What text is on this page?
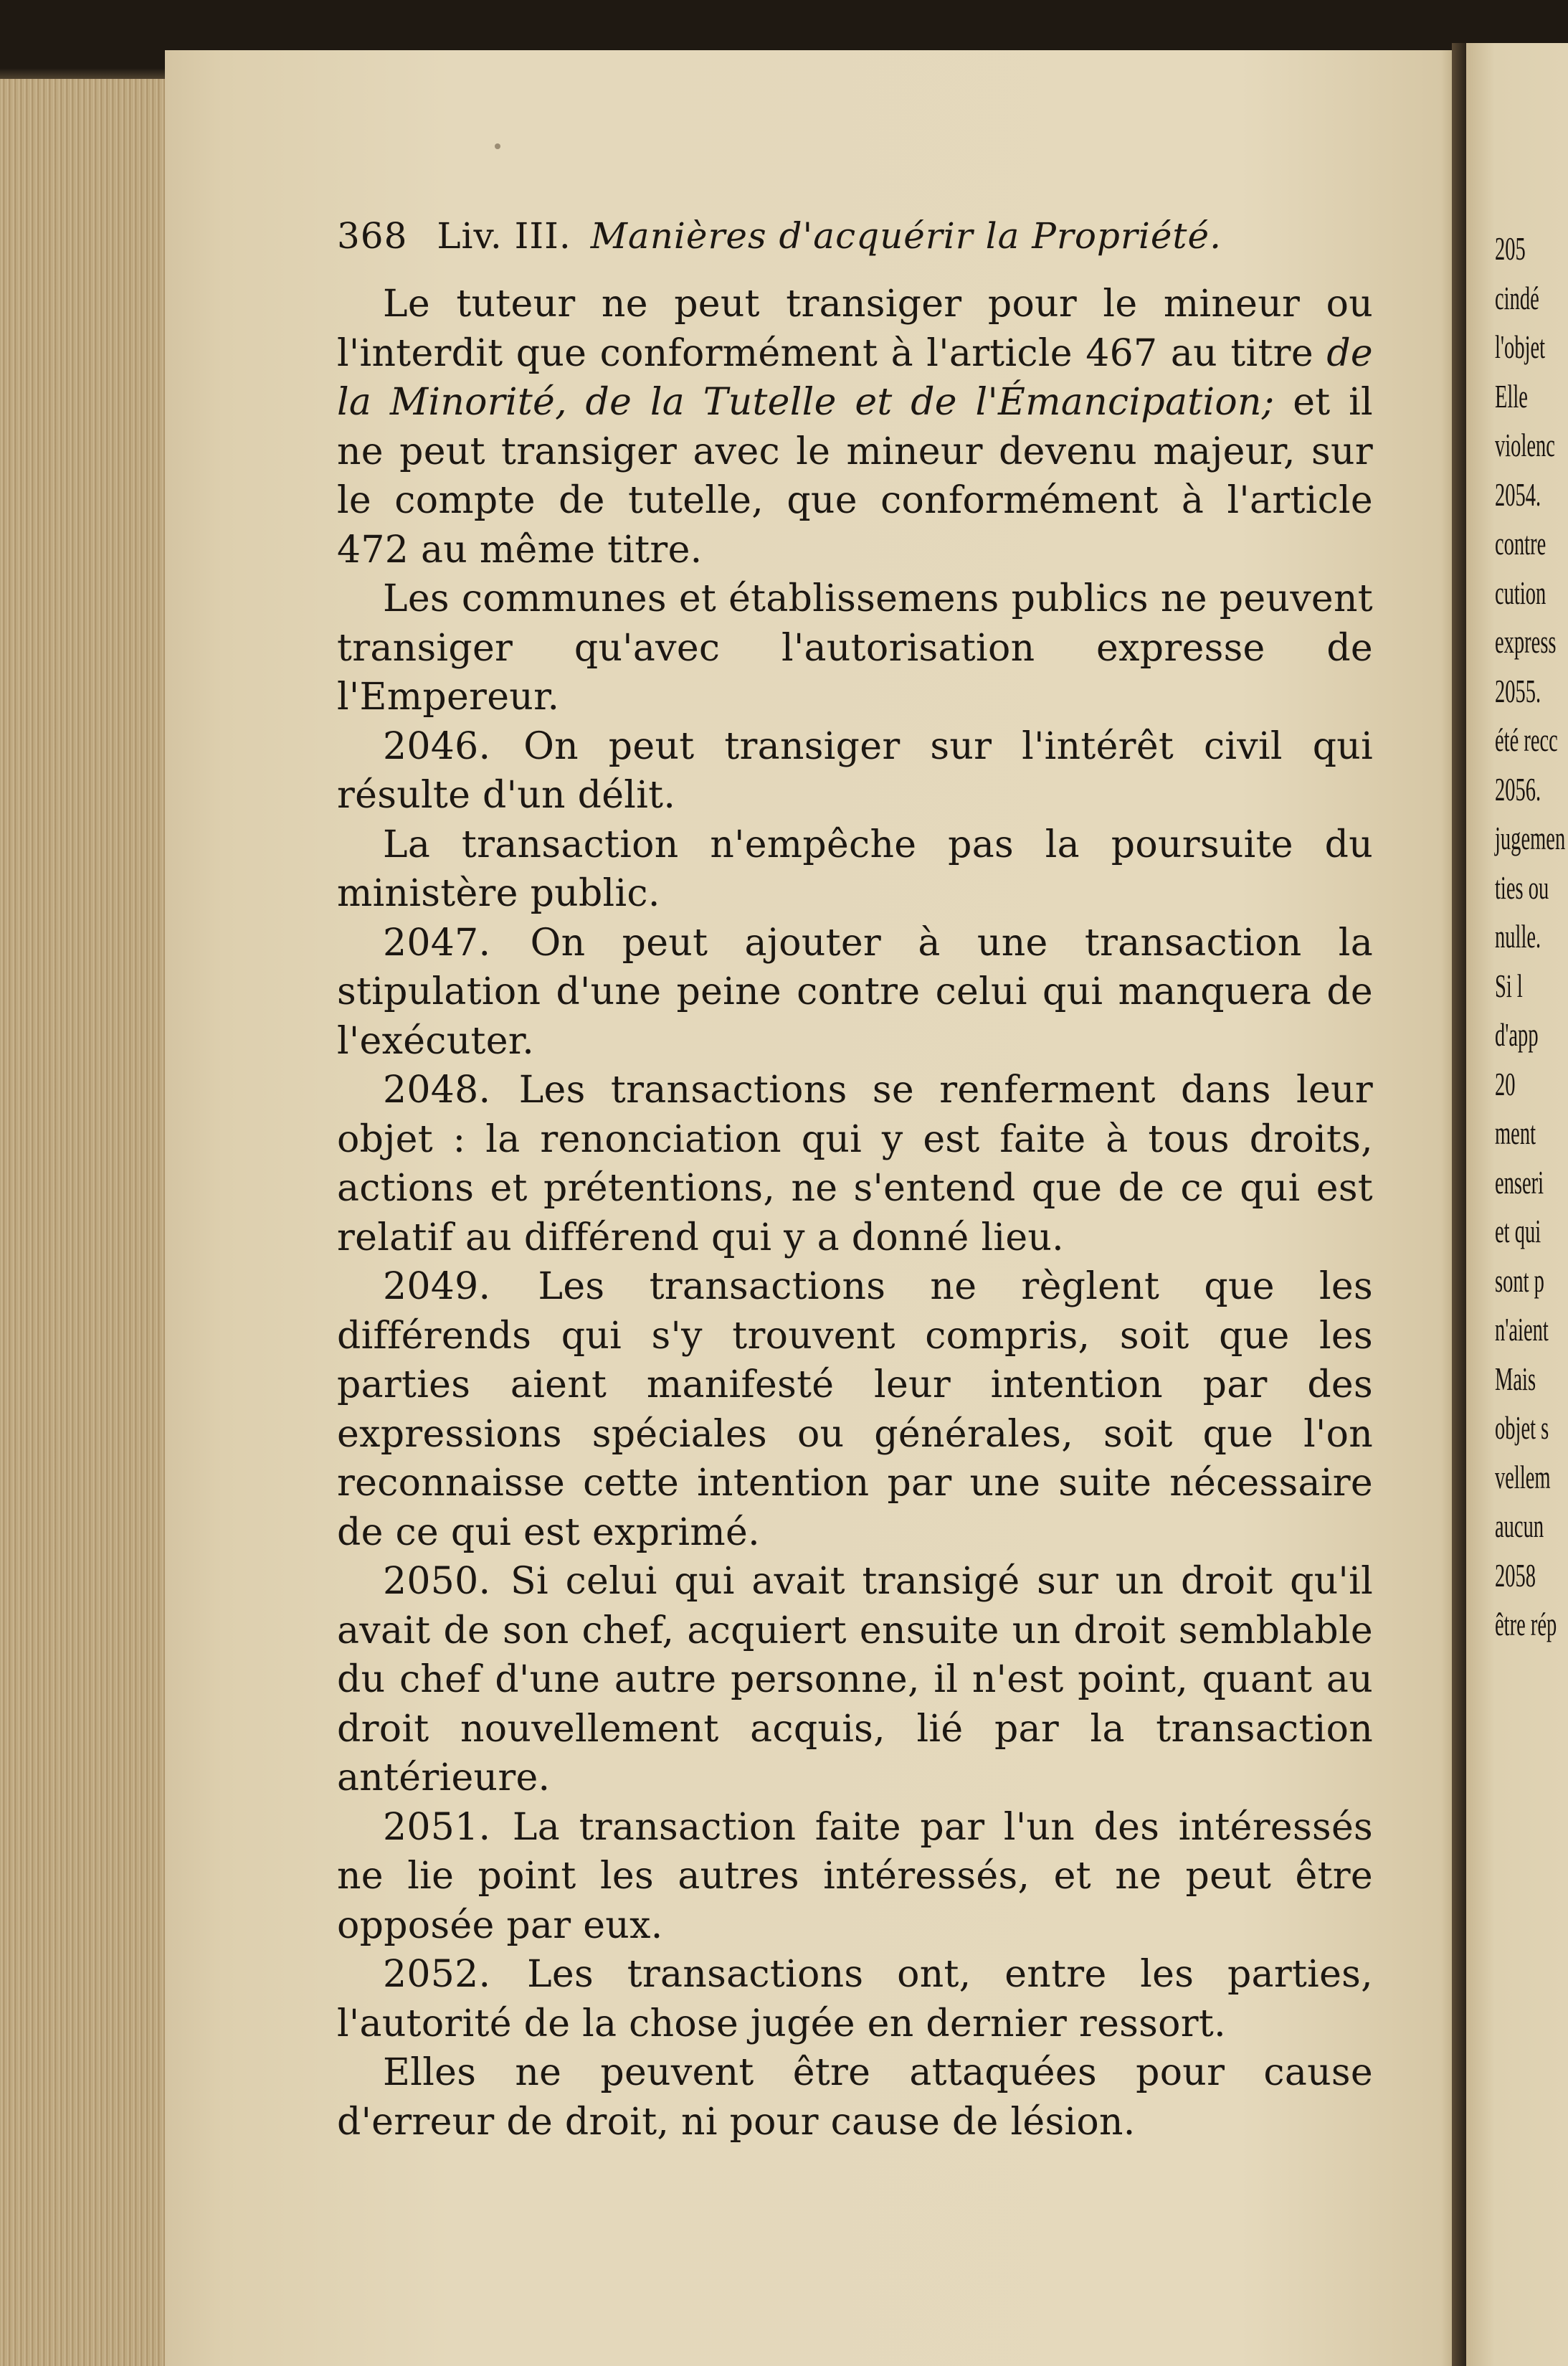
205
cindé
l'objet
Elle
violenc
2054.
contre
cution
express
2055.
été recc
2056.
jugemen
ties ou
nulle.
Si l
d'app
20
ment
enseri
et qui
sont p
n'aient
Mais
objet s
vellem
aucun
2058
être rép
368 Liv. III. Manières d'acquérir la Propriété.

Le tuteur ne peut transiger pour le mineur ou l'interdit que conformément à l'article 467 au titre de la Minorité, de la Tutelle et de l'Émancipation; et il ne peut transiger avec le mineur devenu majeur, sur le compte de tutelle, que conformément à l'article 472 au même titre.

Les communes et établissemens publics ne peuvent transiger qu'avec l'autorisation expresse de l'Empereur.

2046. On peut transiger sur l'intérêt civil qui résulte d'un délit.

La transaction n'empêche pas la poursuite du ministère public.

2047. On peut ajouter à une transaction la stipulation d'une peine contre celui qui manquera de l'exécuter.

2048. Les transactions se renferment dans leur objet : la renonciation qui y est faite à tous droits, actions et prétentions, ne s'entend que de ce qui est relatif au différend qui y a donné lieu.

2049. Les transactions ne règlent que les différends qui s'y trouvent compris, soit que les parties aient manifesté leur intention par des expressions spéciales ou générales, soit que l'on reconnaisse cette intention par une suite nécessaire de ce qui est exprimé.

2050. Si celui qui avait transigé sur un droit qu'il avait de son chef, acquiert ensuite un droit semblable du chef d'une autre personne, il n'est point, quant au droit nouvellement acquis, lié par la transaction antérieure.

2051. La transaction faite par l'un des intéressés ne lie point les autres intéressés, et ne peut être opposée par eux.

2052. Les transactions ont, entre les parties, l'autorité de la chose jugée en dernier ressort.

Elles ne peuvent être attaquées pour cause d'erreur de droit, ni pour cause de lésion.
